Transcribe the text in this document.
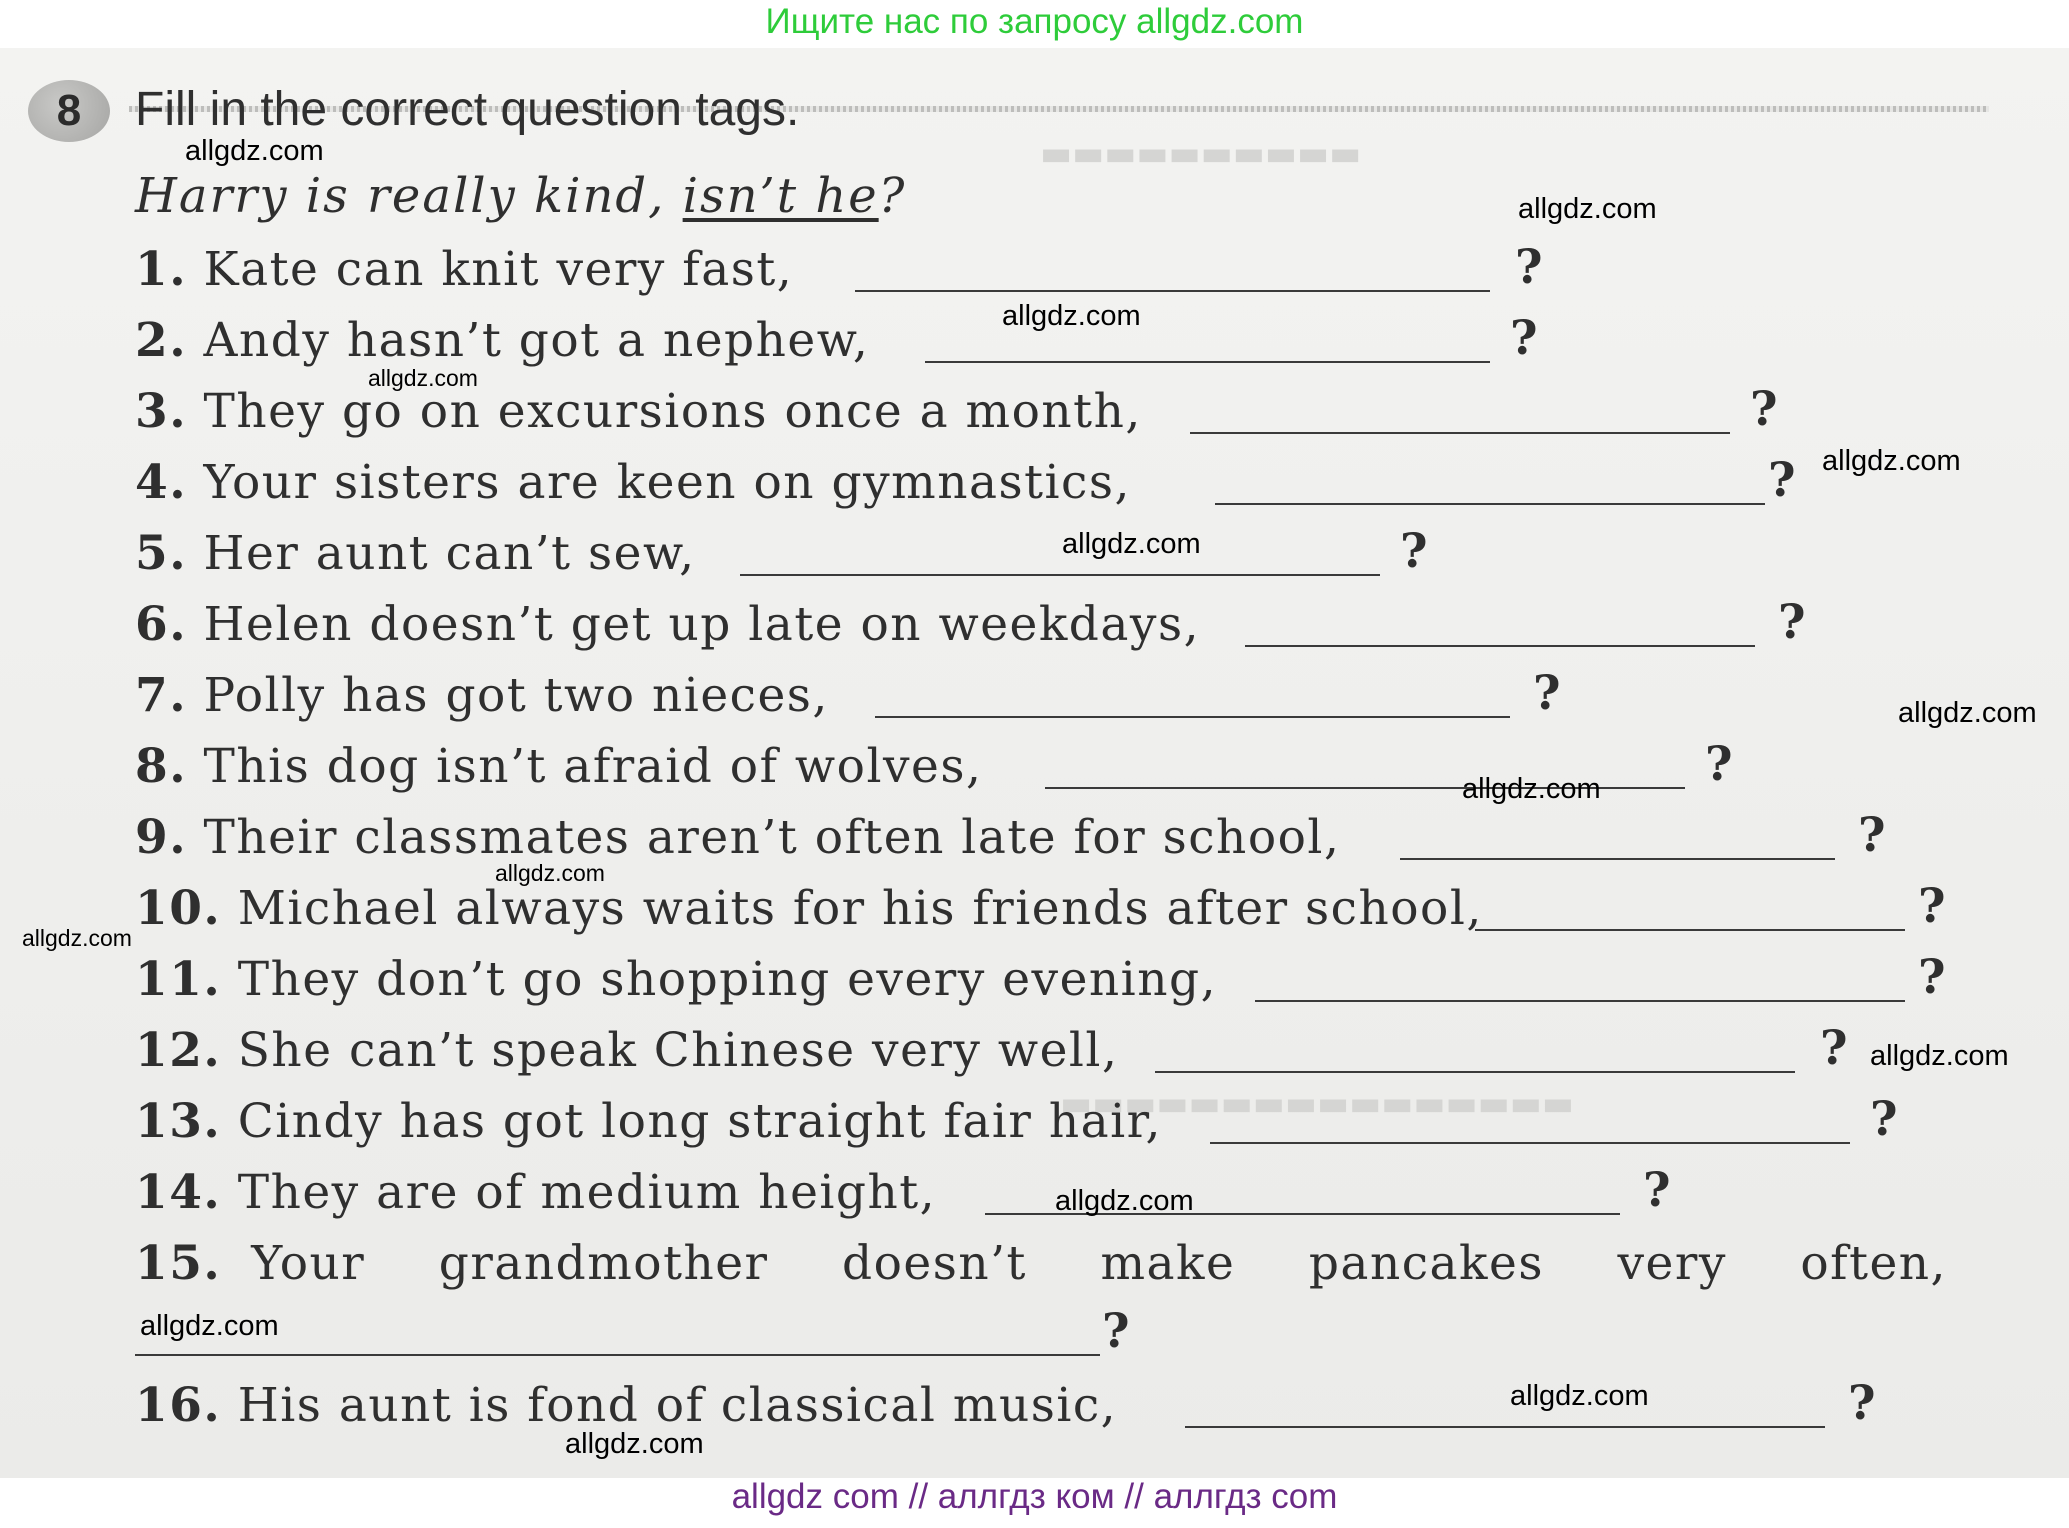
Ищите нас по запросу allgdz.com
▬▬▬▬▬▬▬▬▬▬
▬▬▬▬▬▬▬▬▬▬▬▬▬▬▬▬
8	Fill in the correct question tags.
Harry is really kind, isn’t he?
1. Kate can knit very fast,	?
2. Andy hasn’t got a nephew,	?
3. They go on excursions once a month,	?
4. Your sisters are keen on gymnastics,	?
5. Her aunt can’t sew,	?
6. Helen doesn’t get up late on weekdays,	?
7. Polly has got two nieces,	?
8. This dog isn’t afraid of wolves,	?
9. Their classmates aren’t often late for school,	?
10. Michael always waits for his friends after school,	?
11. They don’t go shopping every evening,	?
12. She can’t speak Chinese very well,	?
13. Cindy has got long straight fair hair,	?
14. They are of medium height,	?
15. Your grandmother doesn’t make pancakes very often,
?
16. His aunt is fond of classical music,	?
allgdz.com
allgdz.com
allgdz.com
allgdz.com
allgdz.com
allgdz.com
allgdz.com
allgdz.com
allgdz.com
allgdz.com
allgdz.com
allgdz.com
allgdz.com
allgdz.com
allgdz.com
allgdz com // аллгдз ком // аллгдз com
